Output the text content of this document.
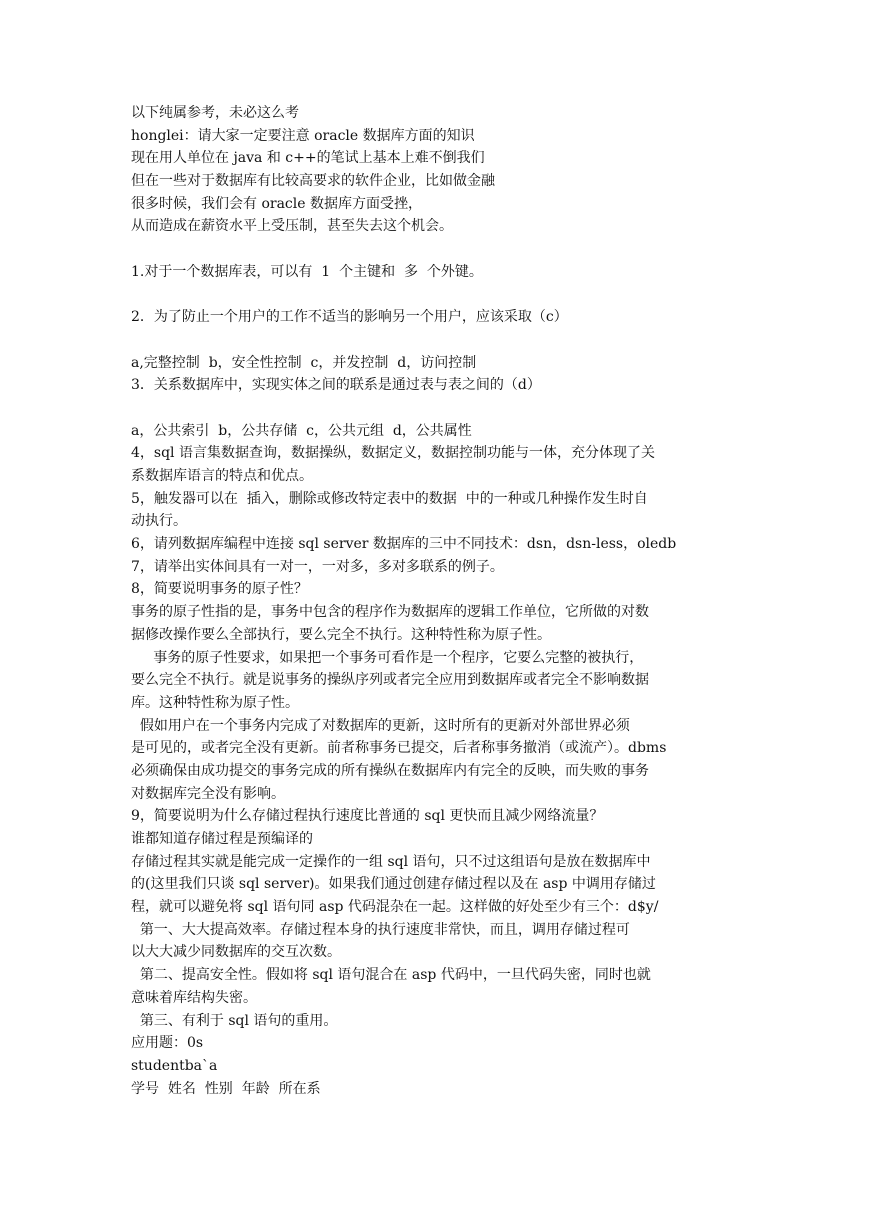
以下纯属参考，未必这么考
honglei：请大家一定要注意 oracle 数据库方面的知识
现在用人单位在 java 和 c++的笔试上基本上难不倒我们
但在一些对于数据库有比较高要求的软件企业，比如做金融
很多时候，我们会有 oracle 数据库方面受挫，
从而造成在薪资水平上受压制，甚至失去这个机会。
1.对于一个数据库表，可以有  1  个主键和  多  个外键。
2．为了防止一个用户的工作不适当的影响另一个用户，应该采取（c）
a,完整控制  b，安全性控制  c，并发控制  d，访问控制
3．关系数据库中，实现实体之间的联系是通过表与表之间的（d）
a，公共索引  b，公共存储  c，公共元组  d，公共属性
4，sql 语言集数据查询，数据操纵，数据定义，数据控制功能与一体，充分体现了关
系数据库语言的特点和优点。
5，触发器可以在  插入，删除或修改特定表中的数据  中的一种或几种操作发生时自
动执行。
6，请列数据库编程中连接 sql server 数据库的三中不同技术：dsn，dsn-less，oledb
7，请举出实体间具有一对一，一对多，多对多联系的例子。
8，简要说明事务的原子性？
事务的原子性指的是，事务中包含的程序作为数据库的逻辑工作单位，它所做的对数
据修改操作要么全部执行，要么完全不执行。这种特性称为原子性。
事务的原子性要求，如果把一个事务可看作是一个程序，它要么完整的被执行，
要么完全不执行。就是说事务的操纵序列或者完全应用到数据库或者完全不影响数据
库。这种特性称为原子性。
假如用户在一个事务内完成了对数据库的更新，这时所有的更新对外部世界必须
是可见的，或者完全没有更新。前者称事务已提交，后者称事务撤消（或流产）。dbms
必须确保由成功提交的事务完成的所有操纵在数据库内有完全的反映，而失败的事务
对数据库完全没有影响。
9，简要说明为什么存储过程执行速度比普通的 sql 更快而且减少网络流量？
谁都知道存储过程是预编译的
存储过程其实就是能完成一定操作的一组 sql 语句，只不过这组语句是放在数据库中
的(这里我们只谈 sql server)。如果我们通过创建存储过程以及在 asp 中调用存储过
程，就可以避免将 sql 语句同 asp 代码混杂在一起。这样做的好处至少有三个：d$y/
第一、大大提高效率。存储过程本身的执行速度非常快，而且，调用存储过程可
以大大减少同数据库的交互次数。
第二、提高安全性。假如将 sql 语句混合在 asp 代码中，一旦代码失密，同时也就
意味着库结构失密。
第三、有利于 sql 语句的重用。
应用题：0s
studentba`a
学号  姓名  性别  年龄  所在系
